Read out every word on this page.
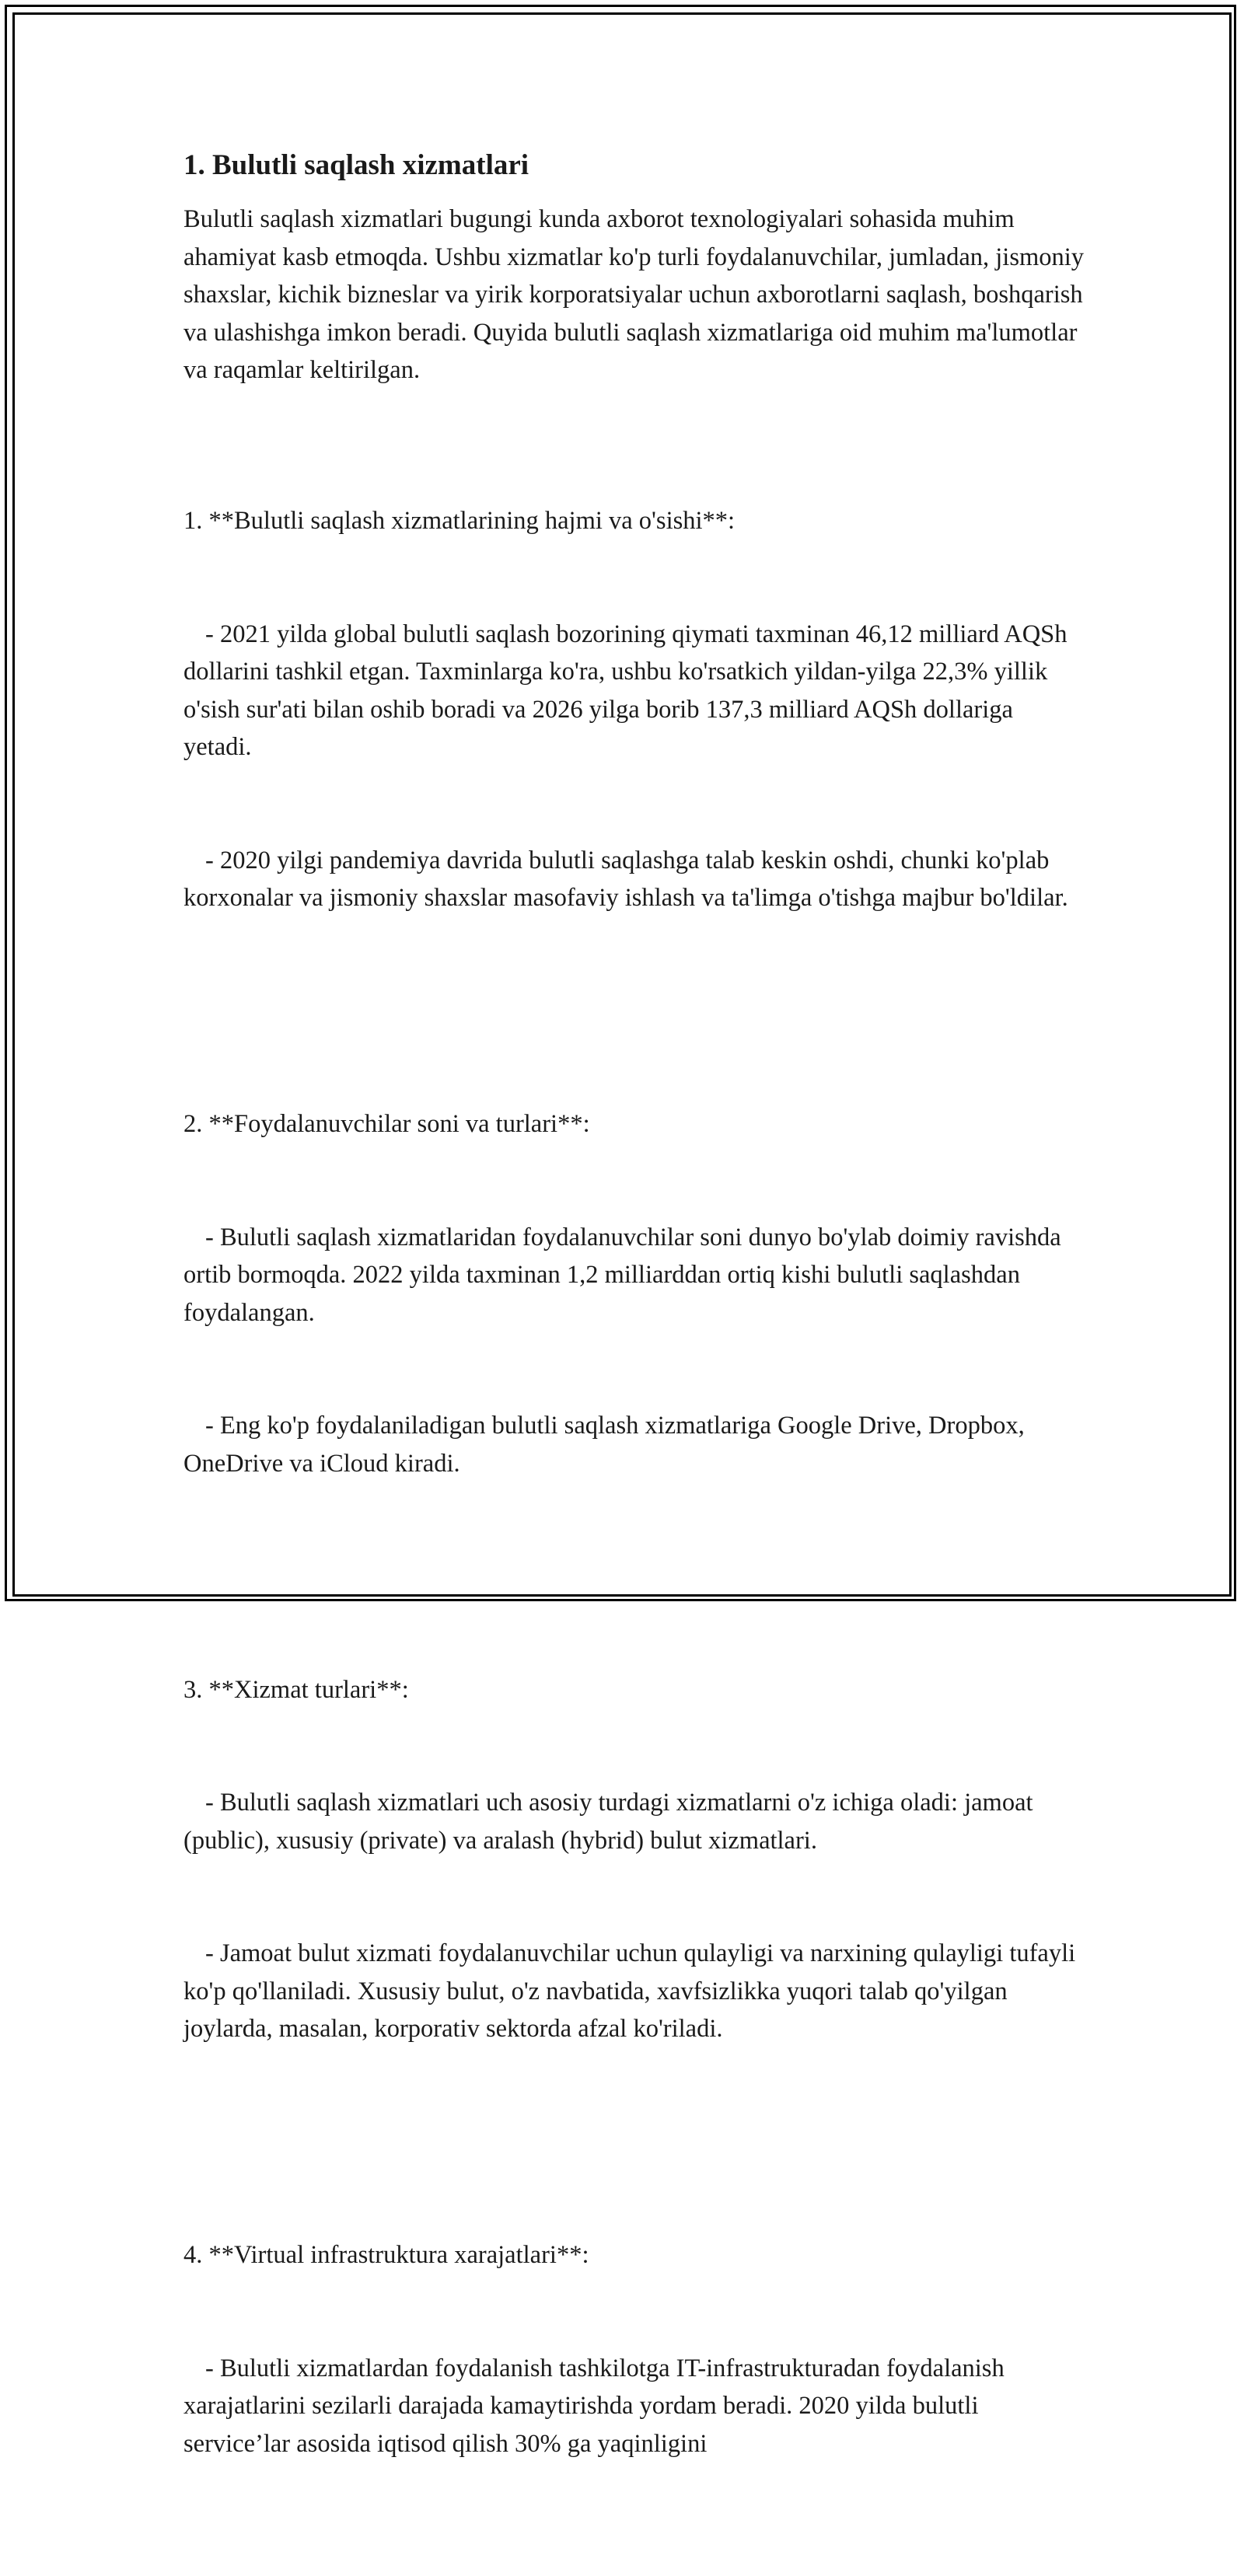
1. Bulutli saqlash xizmatlari

Bulutli saqlash xizmatlari bugungi kunda axborot texnologiyalari sohasida muhim ahamiyat kasb etmoqda. Ushbu xizmatlar ko'p turli foydalanuvchilar, jumladan, jismoniy shaxslar, kichik bizneslar va yirik korporatsiyalar uchun axborotlarni saqlash, boshqarish va ulashishga imkon beradi. Quyida bulutli saqlash xizmatlariga oid muhim ma'lumotlar va raqamlar keltirilgan.

1. **Bulutli saqlash xizmatlarining hajmi va o'sishi**:

- 2021 yilda global bulutli saqlash bozorining qiymati taxminan 46,12 milliard AQSh dollarini tashkil etgan. Taxminlarga ko'ra, ushbu ko'rsatkich yildan-yilga 22,3% yillik o'sish sur'ati bilan oshib boradi va 2026 yilga borib 137,3 milliard AQSh dollariga yetadi.

- 2020 yilgi pandemiya davrida bulutli saqlashga talab keskin oshdi, chunki ko'plab korxonalar va jismoniy shaxslar masofaviy ishlash va ta'limga o'tishga majbur bo'ldilar.

2. **Foydalanuvchilar soni va turlari**:

- Bulutli saqlash xizmatlaridan foydalanuvchilar soni dunyo bo'ylab doimiy ravishda ortib bormoqda. 2022 yilda taxminan 1,2 milliarddan ortiq kishi bulutli saqlashdan foydalangan.

- Eng ko'p foydalaniladigan bulutli saqlash xizmatlariga Google Drive, Dropbox, OneDrive va iCloud kiradi.

3. **Xizmat turlari**:

- Bulutli saqlash xizmatlari uch asosiy turdagi xizmatlarni o'z ichiga oladi: jamoat (public), xususiy (private) va aralash (hybrid) bulut xizmatlari.

- Jamoat bulut xizmati foydalanuvchilar uchun qulayligi va narxining qulayligi tufayli ko'p qo'llaniladi. Xususiy bulut, o'z navbatida, xavfsizlikka yuqori talab qo'yilgan joylarda, masalan, korporativ sektorda afzal ko'riladi.

4. **Virtual infrastruktura xarajatlari**:

- Bulutli xizmatlardan foydalanish tashkilotga IT-infrastrukturadan foydalanish xarajatlarini sezilarli darajada kamaytirishda yordam beradi. 2020 yilda bulutli service’lar asosida iqtisod qilish 30% ga yaqinligini
